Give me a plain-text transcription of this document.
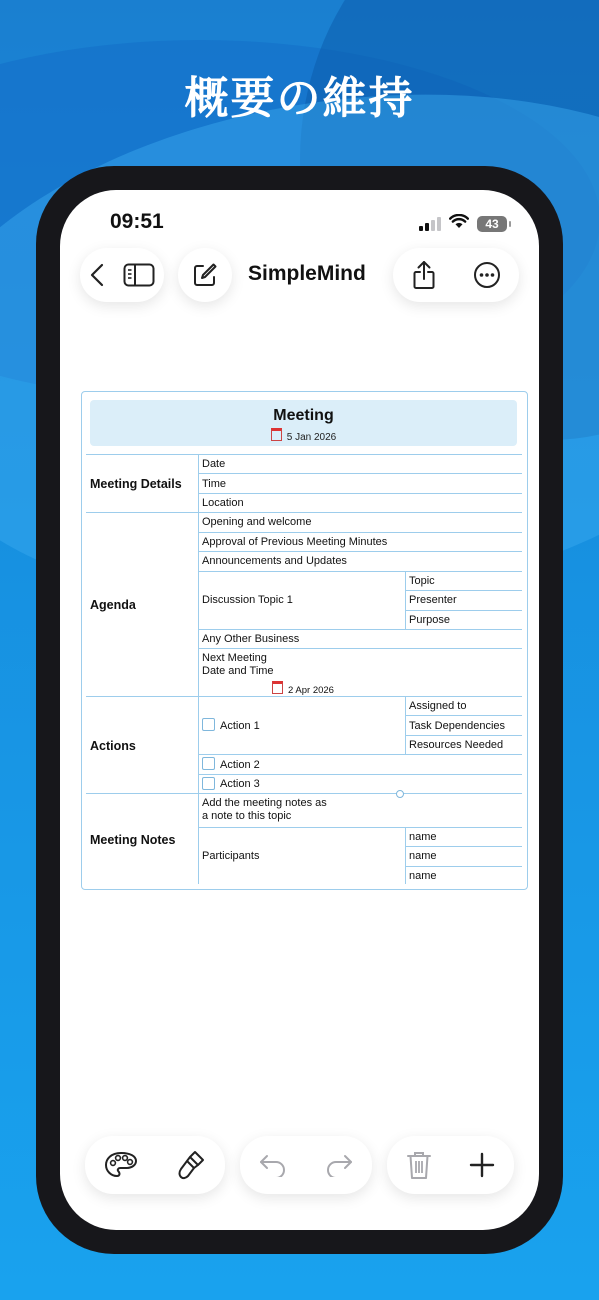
概要の維持
09:51	43
SimpleMind
Meeting
5 Jan 2026
Meeting Details
Date
Time
Location
Agenda
Opening and welcome
Approval of Previous Meeting Minutes
Announcements and Updates
Discussion Topic 1
Topic
Presenter
Purpose
Any Other Business
Next Meeting
Date and Time
2 Apr 2026
Actions
Action 1
Assigned to
Task Dependencies
Resources Needed
Action 2
Action 3
Meeting Notes
Add the meeting notes as
a note to this topic
Participants
name
name
name
